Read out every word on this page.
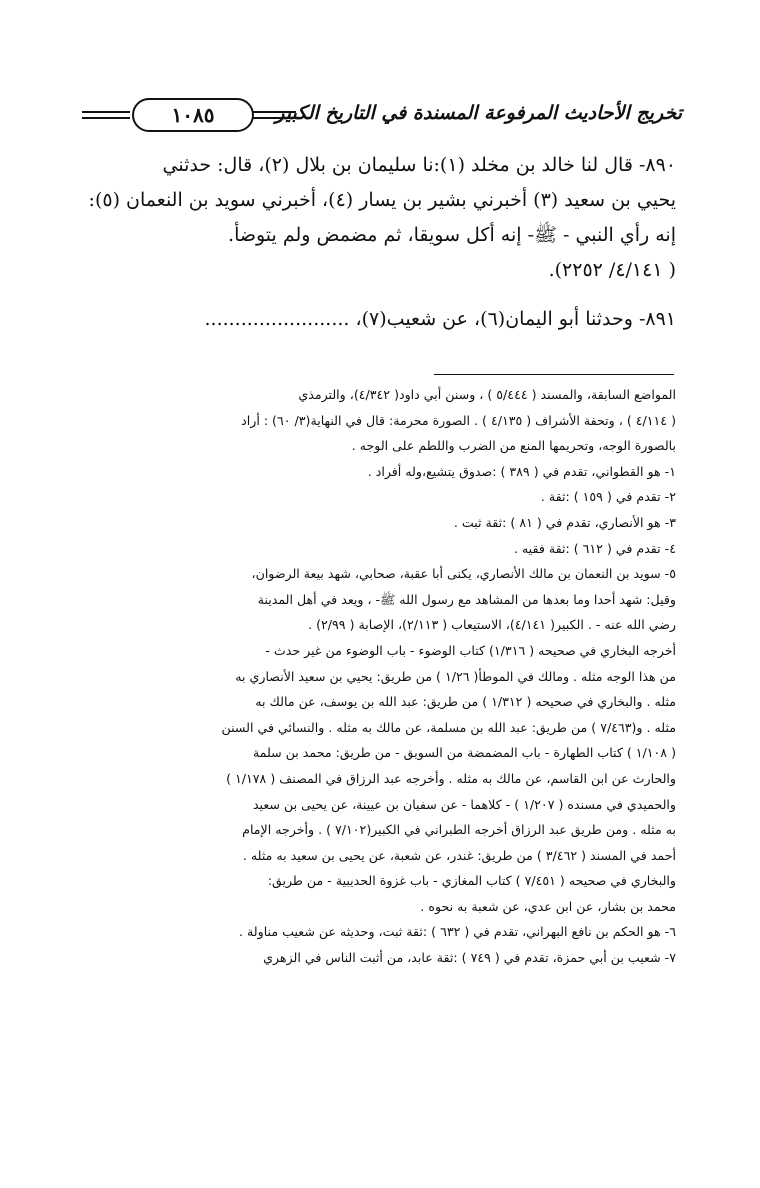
تخريج الأحاديث المرفوعة المسندة في التاريخ الكبير
١٠٨٥

٨٩٠- قال لنا خالد بن مخلد (١):نا سليمان بن بلال (٢)، قال: حدثني

يحيي بن سعيد (٣) أخبرني بشير بن يسار (٤)، أخبرني سويد بن النعمان (٥):

إنه رأي النبي - ﷺ- إنه أكل سويقا، ثم مضمض ولم يتوضأ.

( ٤/١٤١/ ٢٢٥٢).

٨٩١- وحدثنا أبو اليمان(٦)، عن شعيب(٧)، ........................

المواضع السابقة، والمسند ( ٥/٤٤٤ ) ، وسنن أبي داود( ٤/٣٤٢)، والترمذي

( ٤/١١٤ ) ، وتحفة الأشراف ( ٤/١٣٥ ) . الصورة محرمة: قال في النهاية(٣/ ٦٠) : أراد

بالصورة الوجه، وتحريمها المنع من الضرب واللطم على الوجه .

١- هو القطواني، تقدم في ( ٣٨٩ ) :صدوق يتشيع،وله أفراد .

٢- تقدم في ( ١٥٩ ) :ثقة .

٣- هو الأنصاري، تقدم في ( ٨١ ) :ثقة ثبت .

٤- تقدم في ( ٦١٢ ) :ثقة فقيه .

٥- سويد بن النعمان بن مالك الأنصاري، يكنى أبا عقبة، صحابي، شهد بيعة الرضوان،

وقيل: شهد أحدا وما بعدها من المشاهد مع رسول الله ﷺ- ، ويعد في أهل المدينة

رضي الله عنه - . الكبير( ٤/١٤١)، الاستيعاب ( ٢/١١٣)، الإصابة ( ٢/٩٩) .

أخرجه البخاري في صحيحه ( ١/٣١٦) كتاب الوضوء - باب الوضوء من غير حدث -

من هذا الوجه مثله . ومالك في الموطأ( ١/٢٦ ) من طريق: يحيي بن سعيد الأنصاري به

مثله . والبخاري في صحيحه ( ١/٣١٢ ) من طريق: عبد الله بن يوسف، عن مالك به

مثله . و(٧/٤٦٣ ) من طريق: عبد الله بن مسلمة، عن مالك به مثله . والنسائي في السنن

( ١/١٠٨ ) كتاب الطهارة - باب المضمضة من السويق - من طريق: محمد بن سلمة

والحارث عن ابن القاسم، عن مالك به مثله . وأخرجه عبد الرزاق في المصنف ( ١/١٧٨ )

والحميدي في مسنده ( ١/٢٠٧ ) - كلاهما - عن سفيان بن عيينة، عن يحيى بن سعيد

به مثله . ومن طريق عبد الرزاق أخرجه الطبراني في الكبير(٧/١٠٢ ) . وأخرجه الإمام

أحمد في المسند ( ٣/٤٦٢ ) من طريق: غندر، عن شعبة، عن يحيى بن سعيد به مثله .

والبخاري في صحيحه ( ٧/٤٥١ ) كتاب المغازي - باب غزوة الحديبية - من طريق:

محمد بن بشار، عن ابن عدي، عن شعبة به نحوه .

٦- هو الحكم بن نافع البهراني، تقدم في ( ٦٣٢ ) :ثقة ثبت، وحديثه عن شعيب مناولة .

٧- شعيب بن أبي حمزة، تقدم في ( ٧٤٩ ) :ثقة عابد، من أثبت الناس في الزهري
